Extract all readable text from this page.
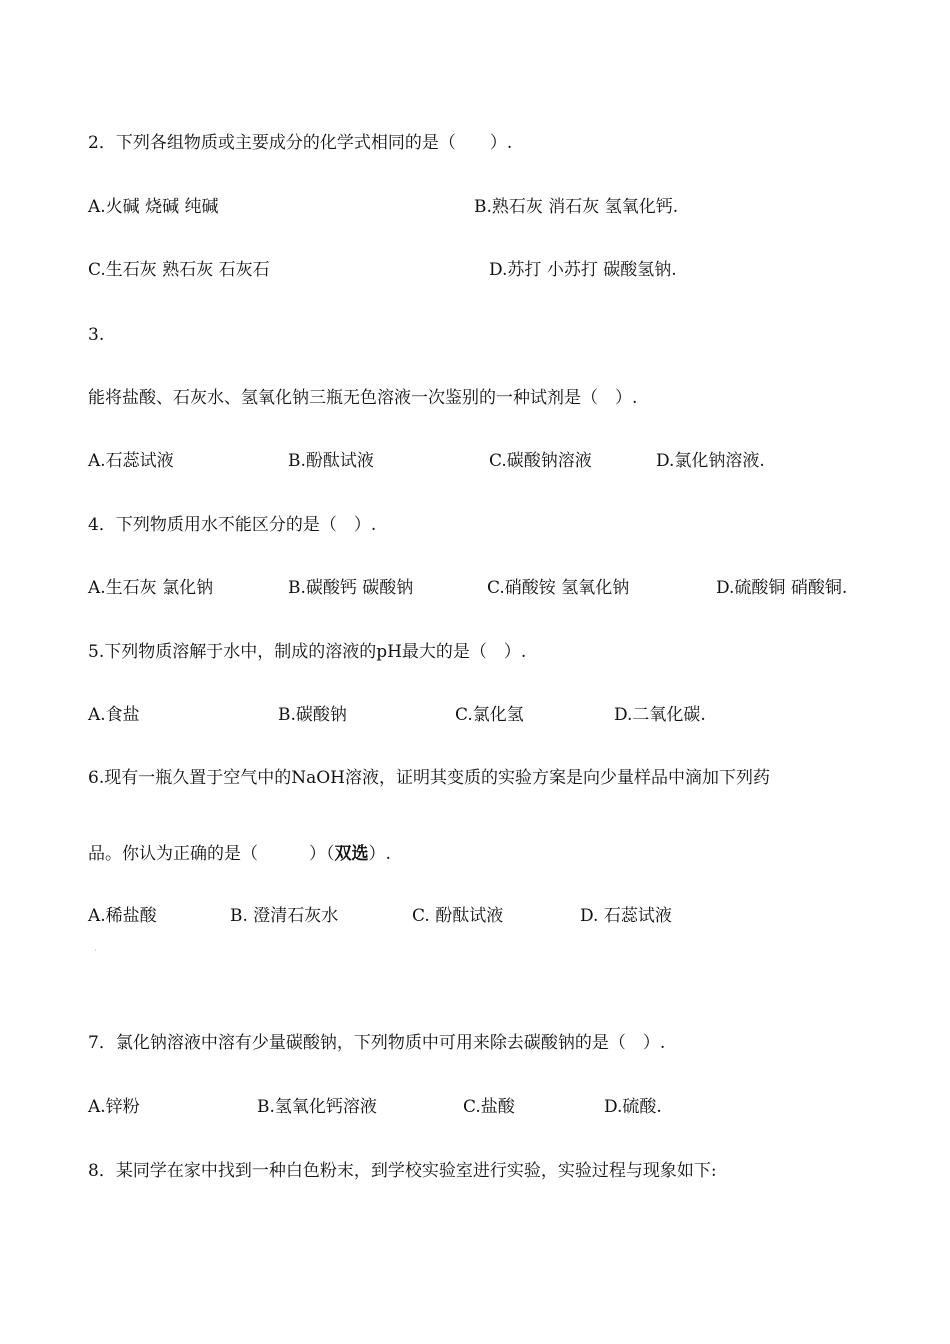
2．下列各组物质或主要成分的化学式相同的是（　　）.
A.火碱 烧碱 纯碱	B.熟石灰 消石灰 氢氧化钙.
C.生石灰 熟石灰 石灰石	D.苏打 小苏打 碳酸氢钠.
3.
能将盐酸、石灰水、氢氧化钠三瓶无色溶液一次鉴别的一种试剂是（　）.
A.石蕊试液	B.酚酞试液	C.碳酸钠溶液	D.氯化钠溶液.
4．下列物质用水不能区分的是（　）.
A.生石灰 氯化钠	B.碳酸钙 碳酸钠	C.硝酸铵 氢氧化钠	D.硫酸铜 硝酸铜.
5.下列物质溶解于水中，制成的溶液的pH最大的是（　）.
A.食盐	B.碳酸钠	C.氯化氢	D.二氧化碳.
6.现有一瓶久置于空气中的NaOH溶液，证明其变质的实验方案是向少量样品中滴加下列药
品。你认为正确的是（　　　）（双选）.
A.稀盐酸	B. 澄清石灰水	C. 酚酞试液	D. 石蕊试液
·
7．氯化钠溶液中溶有少量碳酸钠，下列物质中可用来除去碳酸钠的是（　）.
A.锌粉	B.氢氧化钙溶液	C.盐酸	D.硫酸.
8．某同学在家中找到一种白色粉末，到学校实验室进行实验，实验过程与现象如下:
